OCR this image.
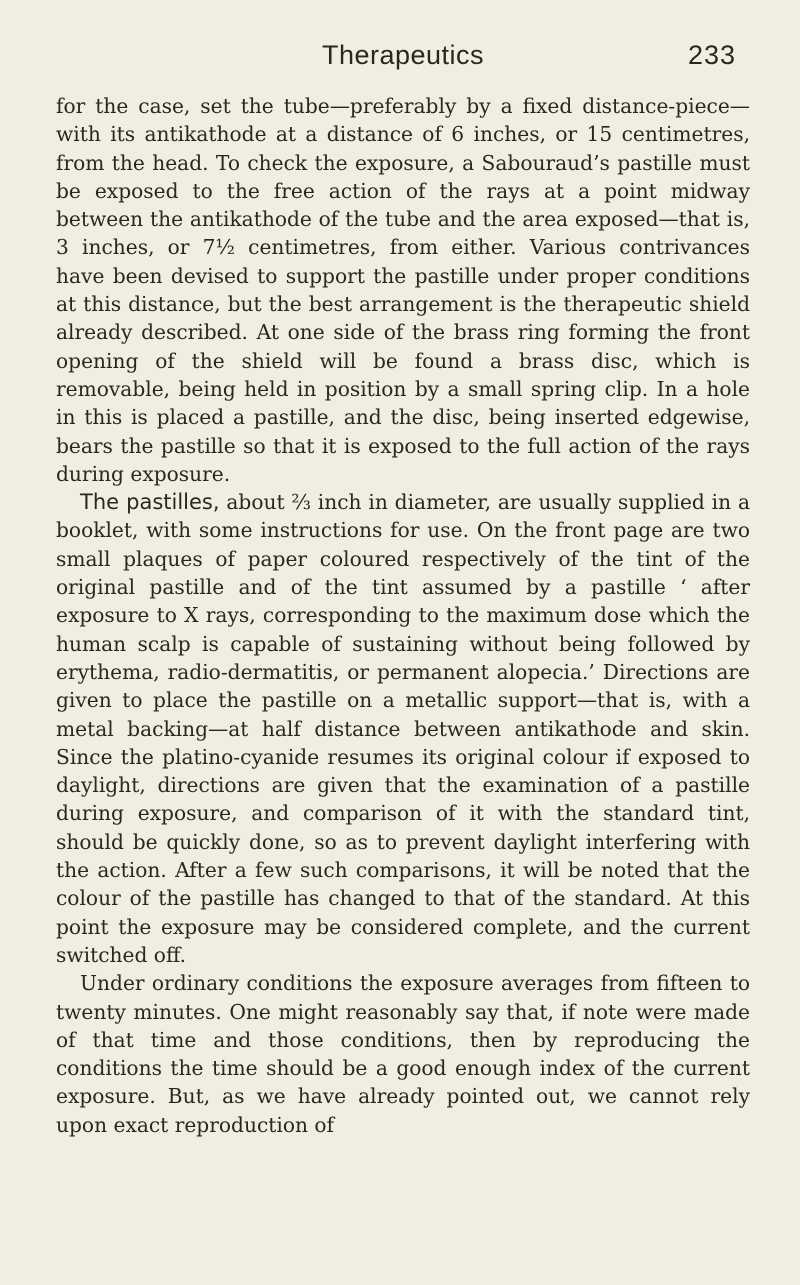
Therapeutics	233

for the case, set the tube—preferably by a fixed distance-piece—with its antikathode at a distance of 6 inches, or 15 centimetres, from the head. To check the exposure, a Sabouraud’s pastille must be exposed to the free action of the rays at a point midway between the antikathode of the tube and the area exposed—that is, 3 inches, or 7½ centimetres, from either. Various contrivances have been devised to support the pastille under proper conditions at this distance, but the best arrangement is the therapeutic shield already described. At one side of the brass ring forming the front opening of the shield will be found a brass disc, which is removable, being held in position by a small spring clip. In a hole in this is placed a pastille, and the disc, being inserted edgewise, bears the pastille so that it is exposed to the full action of the rays during exposure.

The pastilles, about ⅔ inch in diameter, are usually supplied in a booklet, with some instructions for use. On the front page are two small plaques of paper coloured respectively of the tint of the original pastille and of the tint assumed by a pastille ‘ after exposure to X rays, corresponding to the maximum dose which the human scalp is capable of sustaining without being followed by erythema, radio-dermatitis, or permanent alopecia.’ Directions are given to place the pastille on a metallic support—that is, with a metal backing—at half distance between antikathode and skin. Since the platino-cyanide resumes its original colour if exposed to daylight, directions are given that the examination of a pastille during exposure, and comparison of it with the standard tint, should be quickly done, so as to prevent daylight interfering with the action. After a few such comparisons, it will be noted that the colour of the pastille has changed to that of the standard. At this point the exposure may be considered complete, and the current switched off.

Under ordinary conditions the exposure averages from fifteen to twenty minutes. One might reasonably say that, if note were made of that time and those conditions, then by reproducing the conditions the time should be a good enough index of the current exposure. But, as we have already pointed out, we cannot rely upon exact reproduction of
